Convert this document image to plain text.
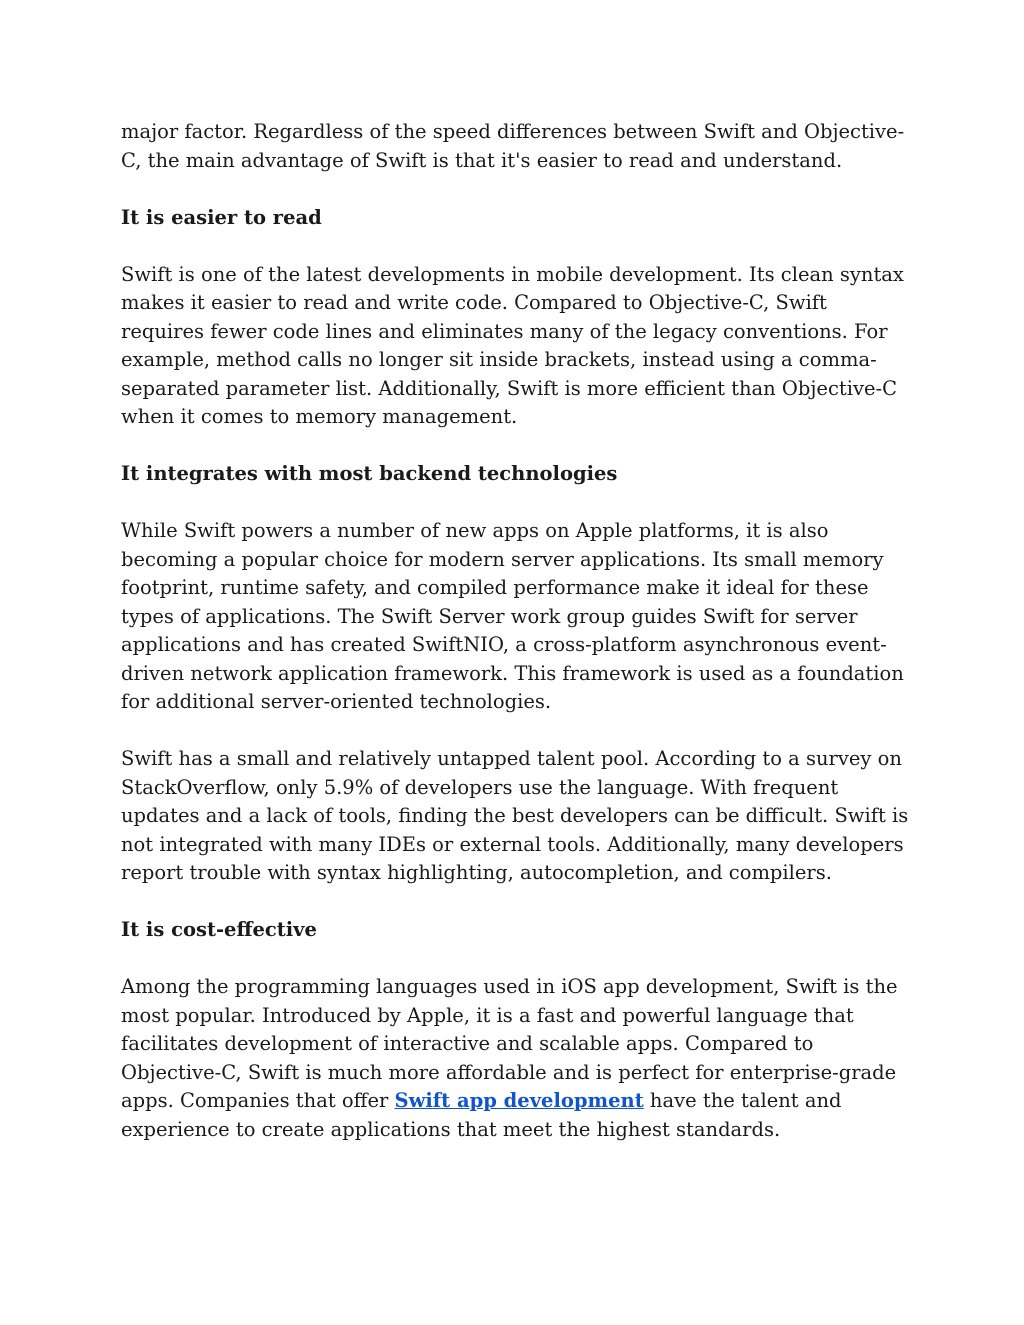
major factor. Regardless of the speed differences between Swift and Objective-C, the main advantage of Swift is that it's easier to read and understand.

It is easier to read

Swift is one of the latest developments in mobile development. Its clean syntax makes it easier to read and write code. Compared to Objective-C, Swift requires fewer code lines and eliminates many of the legacy conventions. For example, method calls no longer sit inside brackets, instead using a comma-separated parameter list. Additionally, Swift is more efficient than Objective-C when it comes to memory management.

It integrates with most backend technologies

While Swift powers a number of new apps on Apple platforms, it is also becoming a popular choice for modern server applications. Its small memory footprint, runtime safety, and compiled performance make it ideal for these types of applications. The Swift Server work group guides Swift for server applications and has created SwiftNIO, a cross-platform asynchronous event-driven network application framework. This framework is used as a foundation for additional server-oriented technologies.

Swift has a small and relatively untapped talent pool. According to a survey on StackOverflow, only 5.9% of developers use the language. With frequent updates and a lack of tools, finding the best developers can be difficult. Swift is not integrated with many IDEs or external tools. Additionally, many developers report trouble with syntax highlighting, autocompletion, and compilers.

It is cost-effective

Among the programming languages used in iOS app development, Swift is the most popular. Introduced by Apple, it is a fast and powerful language that facilitates development of interactive and scalable apps. Compared to Objective-C, Swift is much more affordable and is perfect for enterprise-grade apps. Companies that offer Swift app development have the talent and experience to create applications that meet the highest standards.
